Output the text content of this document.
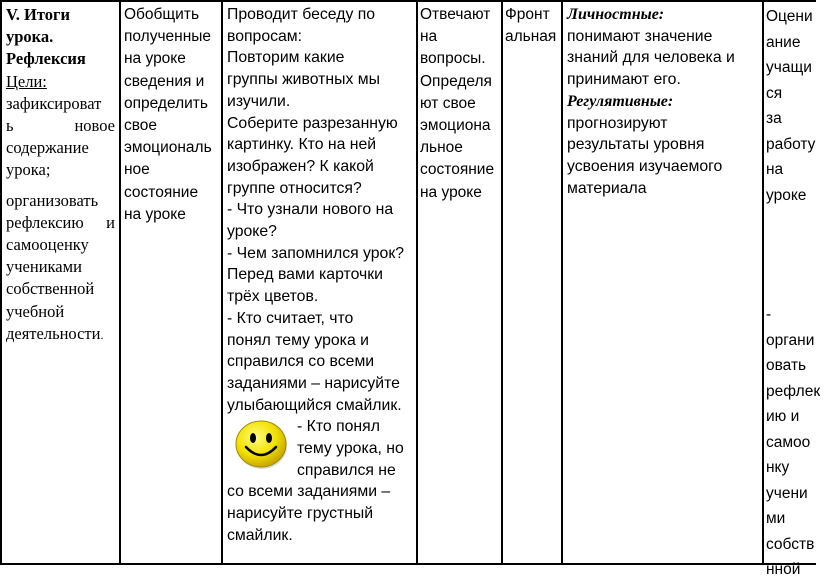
V. Итоги
урока.
Рефлексия
Цели:
зафиксироват
ь	новое
содержание
урока;
организовать
рефлексию и
самооценку
учениками
собственной
учебной
деятельности.
Обобщить
полученные
на уроке
сведения и
определить
свое
эмоциональ
ное
состояние
на уроке
Проводит беседу по
вопросам:
Повторим какие
группы животных мы
изучили.
Соберите разрезанную
картинку. Кто на ней
изображен? К какой
группе относится?
- Что узнали нового на
уроке?
- Чем запомнился урок?
Перед вами карточки
трёх цветов.
- Кто считает, что
понял тему урока и
справился со всеми
заданиями – нарисуйте
улыбающийся смайлик.
- Кто понял
тему урока, но
справился не
со всеми заданиями –
нарисуйте грустный
смайлик.
Отвечают
на
вопросы.
Определя
ют свое
эмоциона
льное
состояние
на уроке
Фронт
альная
Личностные:
понимают значение
знаний для человека и
принимают его.
Регулятивные:
прогнозируют
результаты уровня
усвоения изучаемого
материала
Оцени
ание
учащи
ся
за
работу
на
уроке
-
органи
овать
рефлек
ию и
самоо
нку
учени
ми
собств
нной
